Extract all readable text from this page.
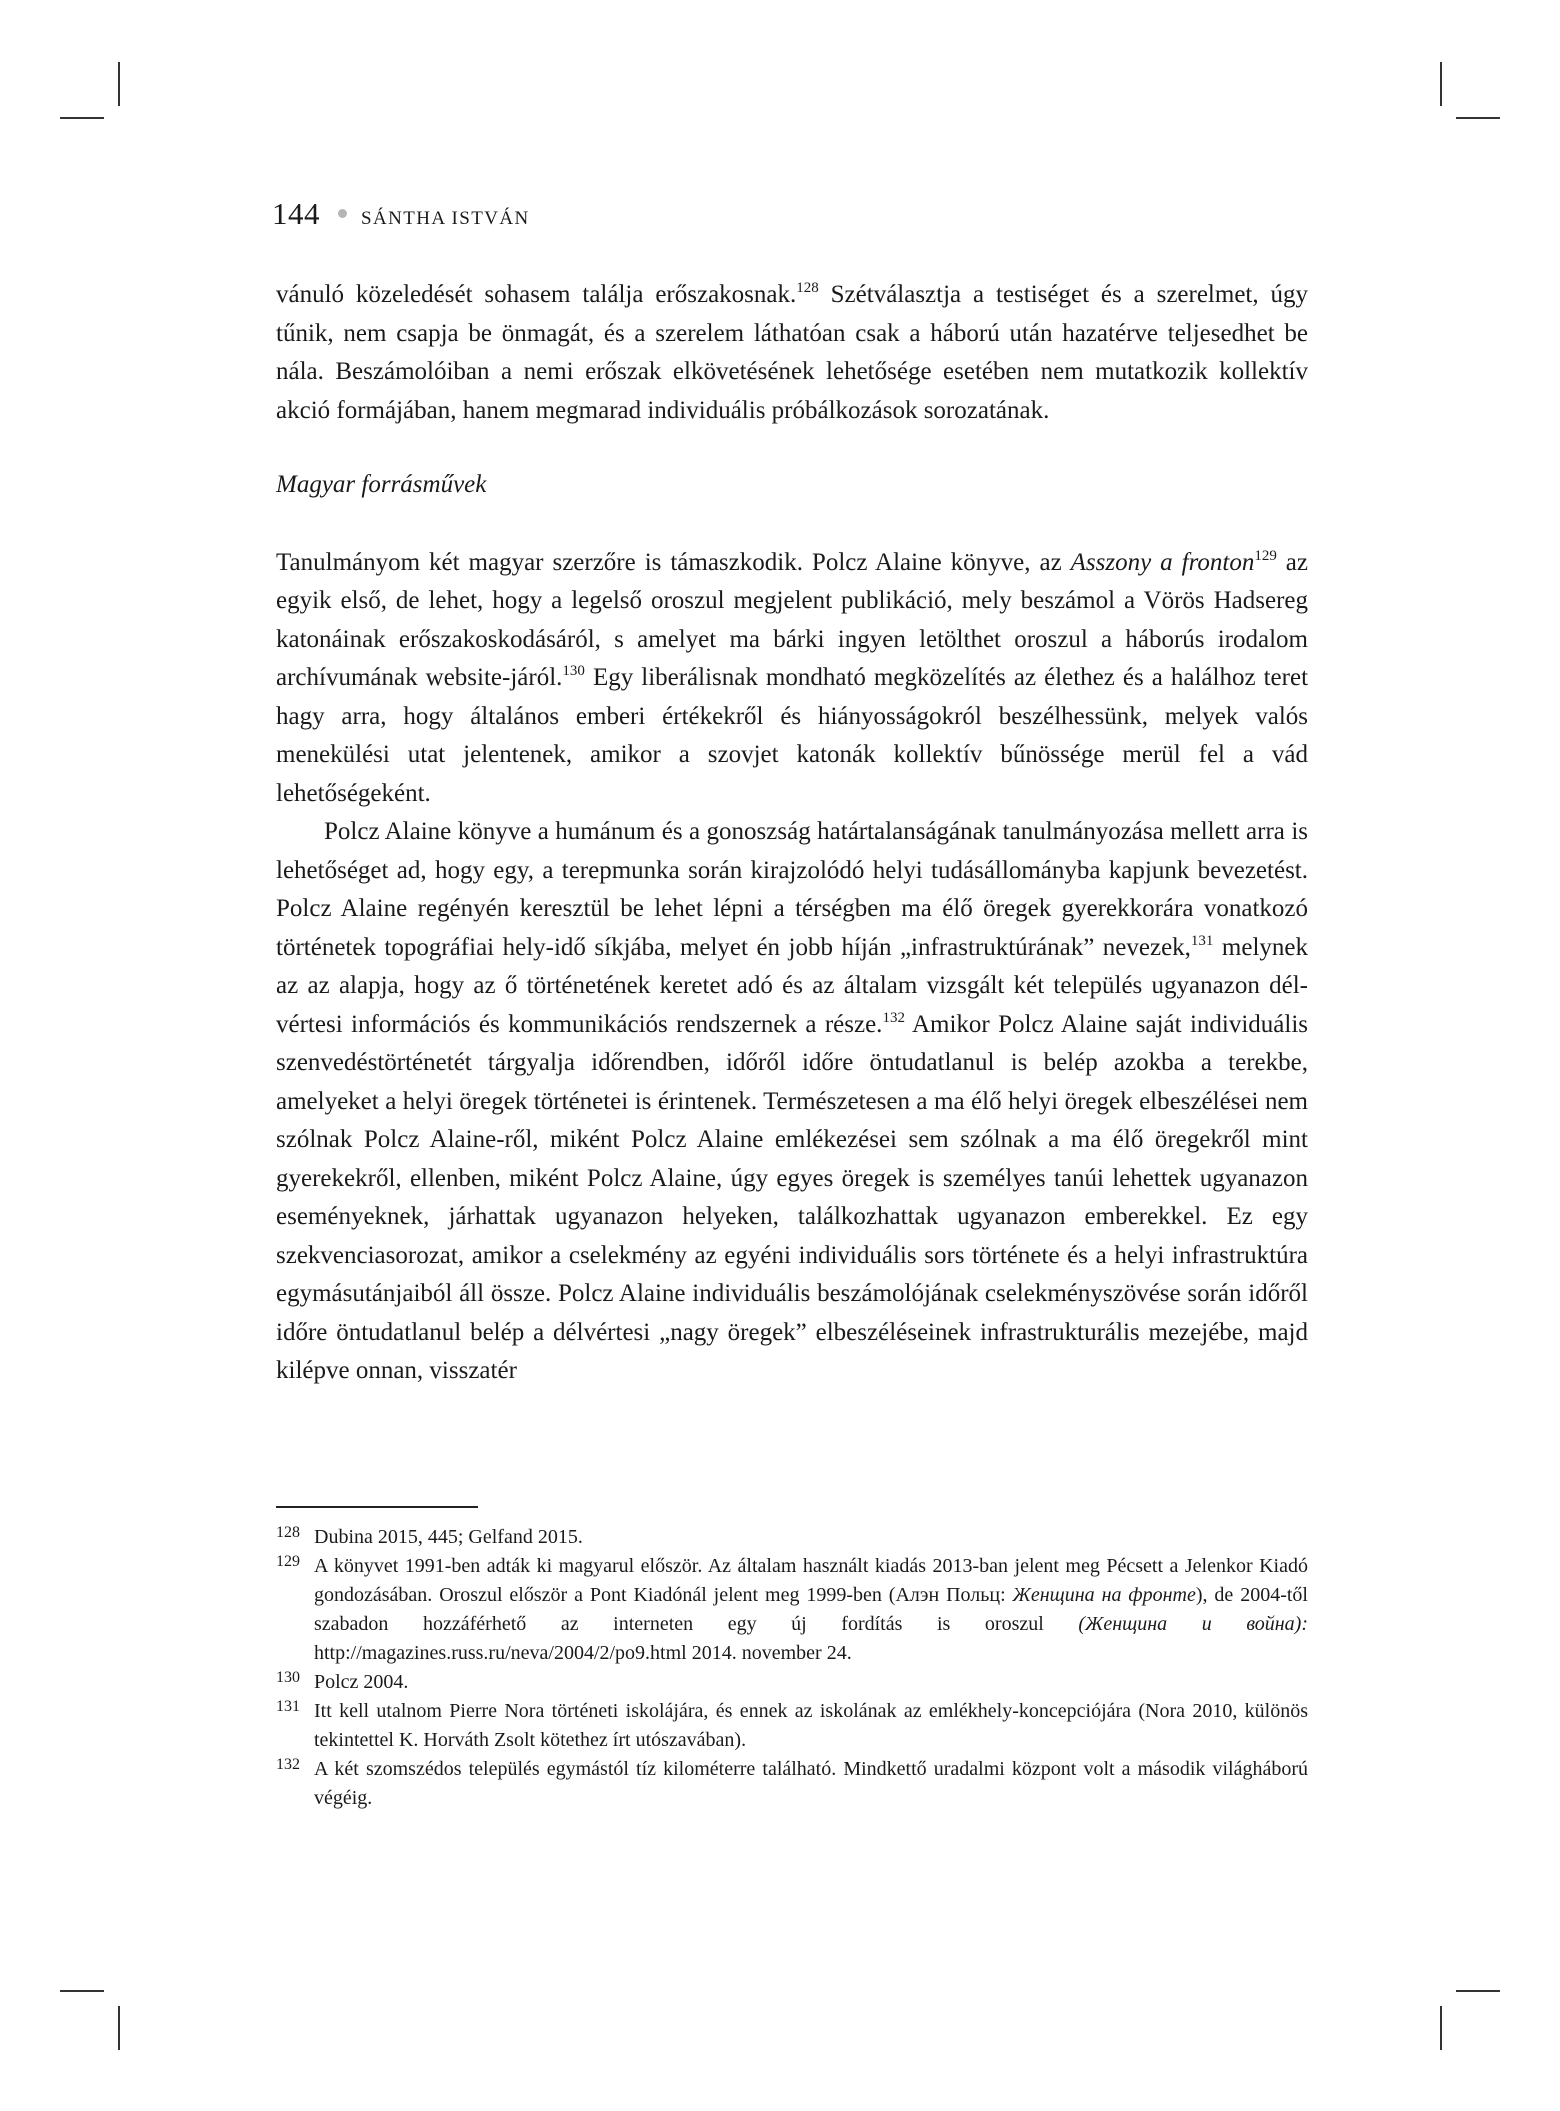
144 SÁNTHA ISTVÁN

vánuló közeledését sohasem találja erőszakosnak.$^{128}$ Szétválasztja a testiséget és a szerelmet, úgy tűnik, nem csapja be önmagát, és a szerelem láthatóan csak a háború után hazatérve teljesedhet be nála. Beszámolóiban a nemi erőszak elkövetésének lehetősége esetében nem mutatkozik kollektív akció formájában, hanem megmarad individuális próbálkozások sorozatának.

Magyar forrásművek

Tanulmányom két magyar szerzőre is támaszkodik. Polcz Alaine könyve, az Asszony a fronton$^{129}$ az egyik első, de lehet, hogy a legelső oroszul megjelent publikáció, mely beszámol a Vörös Hadsereg katonáinak erőszakoskodásáról, s amelyet ma bárki ingyen letölthet oroszul a háborús irodalom archívumának website-járól.$^{130}$ Egy liberálisnak mondható megközelítés az élethez és a halálhoz teret hagy arra, hogy általános emberi értékekről és hiányosságokról beszélhessünk, melyek valós menekülési utat jelentenek, amikor a szovjet katonák kollektív bűnössége merül fel a vád lehetőségeként.

Polcz Alaine könyve a humánum és a gonoszság határtalanságának tanulmányozása mellett arra is lehetőséget ad, hogy egy, a terepmunka során kirajzolódó helyi tudásállományba kapjunk bevezetést. Polcz Alaine regényén keresztül be lehet lépni a térségben ma élő öregek gyerekkorára vonatkozó történetek topográfiai hely-idő síkjába, melyet én jobb híján „infrastruktúrának” nevezek,$^{131}$ melynek az az alapja, hogy az ő történetének keretet adó és az általam vizsgált két település ugyanazon dél-vértesi információs és kommunikációs rendszernek a része.$^{132}$ Amikor Polcz Alaine saját individuális szenvedéstörténetét tárgyalja időrendben, időről időre öntudatlanul is belép azokba a terekbe, amelyeket a helyi öregek történetei is érintenek. Természetesen a ma élő helyi öregek elbeszélései nem szólnak Polcz Alaine-ről, miként Polcz Alaine emlékezései sem szólnak a ma élő öregekről mint gyerekekről, ellenben, miként Polcz Alaine, úgy egyes öregek is személyes tanúi lehettek ugyanazon eseményeknek, járhattak ugyanazon helyeken, találkozhattak ugyanazon emberekkel. Ez egy szekvenciasorozat, amikor a cselekmény az egyéni individuális sors története és a helyi infrastruktúra egymásutánjaiból áll össze. Polcz Alaine individuális beszámolójának cselekményszövése során időről időre öntudatlanul belép a délvértesi „nagy öregek” elbeszéléseinek infrastrukturális mezejébe, majd kilépve onnan, visszatér

128 Dubina 2015, 445; Gelfand 2015.
129 A könyvet 1991-ben adták ki magyarul először. Az általam használt kiadás 2013-ban jelent meg Pécsett a Jelenkor Kiadó gondozásában. Oroszul először a Pont Kiadónál jelent meg 1999-ben (Алэн Польц: Женщина на фронте), de 2004-től szabadon hozzáférhető az interneten egy új fordítás is oroszul (Женщина и война): http://magazines.russ.ru/neva/2004/2/po9.html 2014. november 24.
130 Polcz 2004.
131 Itt kell utalnom Pierre Nora történeti iskolájára, és ennek az iskolának az emlékhely-koncepciójára (Nora 2010, különös tekintettel K. Horváth Zsolt kötethez írt utószavában).
132 A két szomszédos település egymástól tíz kilométerre található. Mindkettő uradalmi központ volt a második világháború végéig.
